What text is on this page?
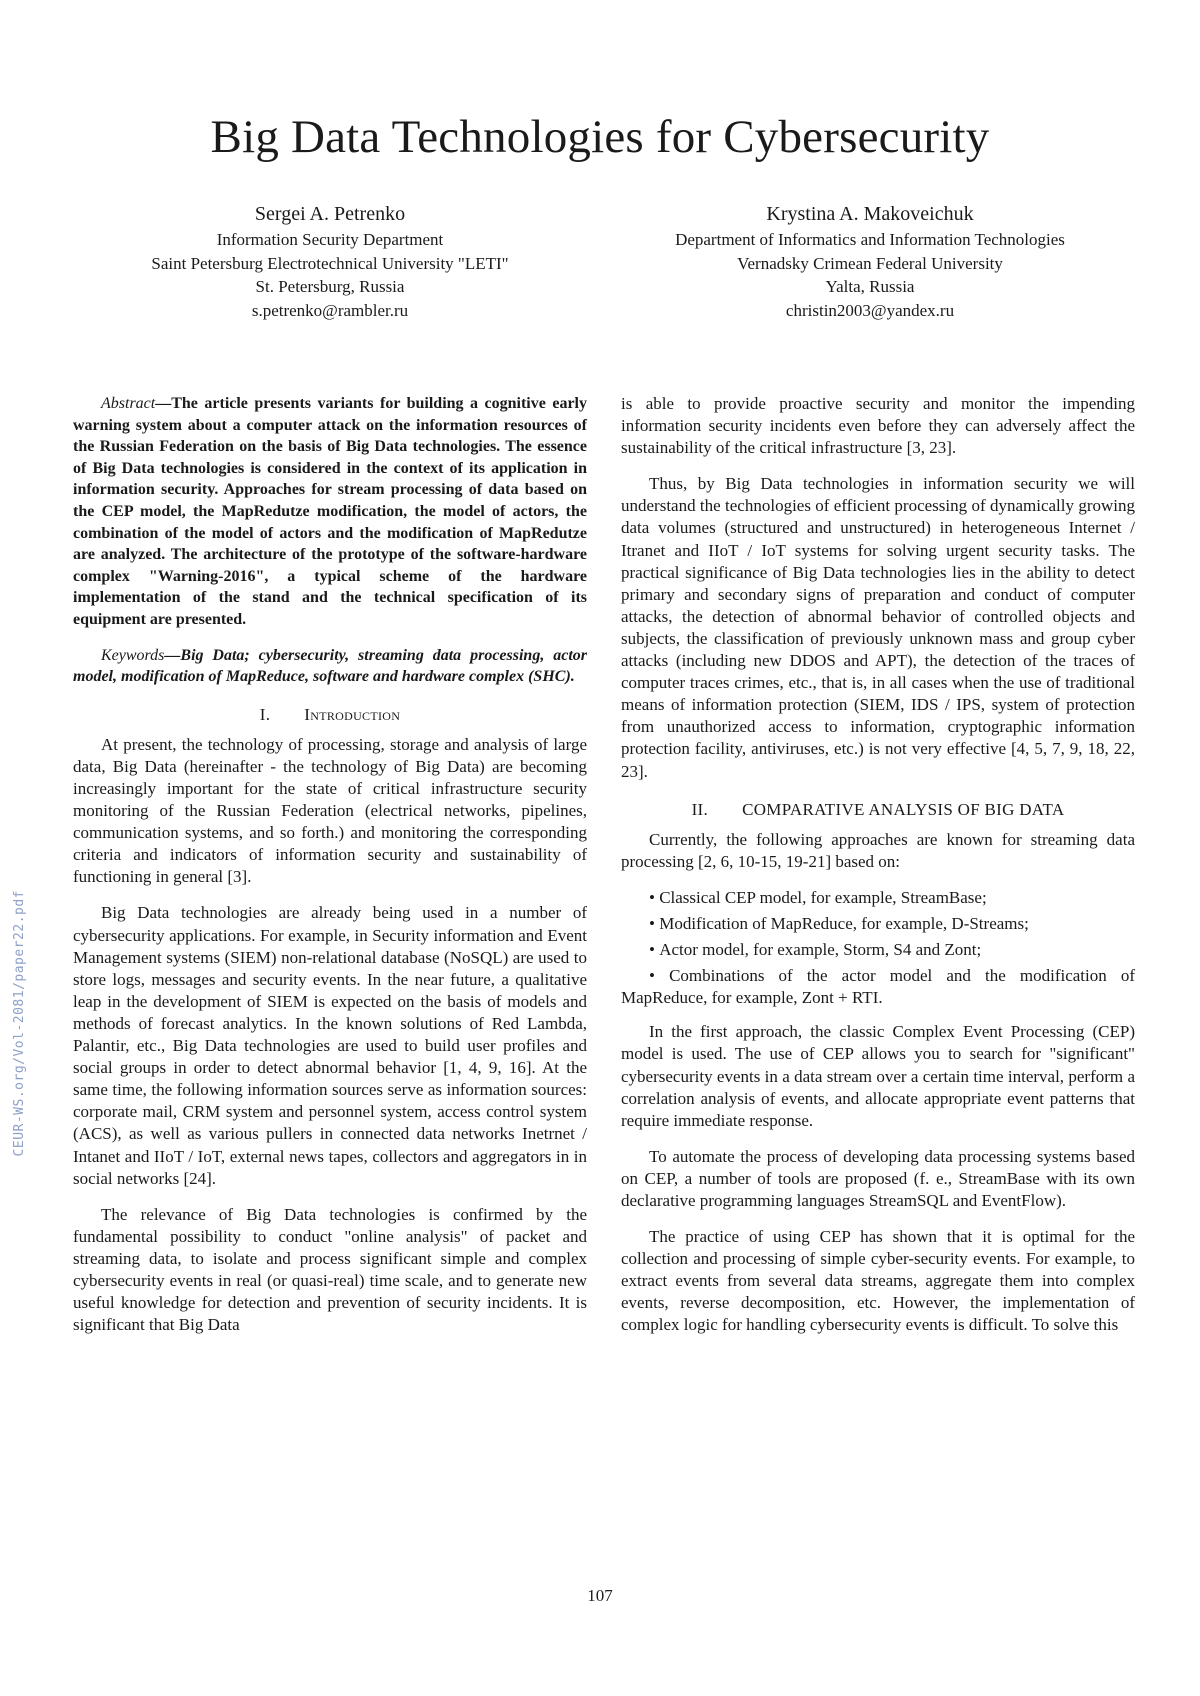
Big Data Technologies for Cybersecurity
Sergei A. Petrenko
Information Security Department
Saint Petersburg Electrotechnical University "LETI"
St. Petersburg, Russia
s.petrenko@rambler.ru
Krystina A. Makoveichuk
Department of Informatics and Information Technologies
Vernadsky Crimean Federal University
Yalta, Russia
christin2003@yandex.ru

Abstract—The article presents variants for building a cognitive early warning system about a computer attack on the information resources of the Russian Federation on the basis of Big Data technologies. The essence of Big Data technologies is considered in the context of its application in information security. Approaches for stream processing of data based on the CEP model, the MapRedutze modification, the model of actors, the combination of the model of actors and the modification of MapRedutze are analyzed. The architecture of the prototype of the software-hardware complex "Warning-2016", a typical scheme of the hardware implementation of the stand and the technical specification of its equipment are presented.

Keywords—Big Data; cybersecurity, streaming data processing, actor model, modification of MapReduce, software and hardware complex (SHC).

I. Introduction

At present, the technology of processing, storage and analysis of large data, Big Data (hereinafter - the technology of Big Data) are becoming increasingly important for the state of critical infrastructure security monitoring of the Russian Federation (electrical networks, pipelines, communication systems, and so forth.) and monitoring the corresponding criteria and indicators of information security and sustainability of functioning in general [3].

Big Data technologies are already being used in a number of cybersecurity applications. For example, in Security information and Event Management systems (SIEM) non-relational database (NoSQL) are used to store logs, messages and security events. In the near future, a qualitative leap in the development of SIEM is expected on the basis of models and methods of forecast analytics. In the known solutions of Red Lambda, Palantir, etc., Big Data technologies are used to build user profiles and social groups in order to detect abnormal behavior [1, 4, 9, 16]. At the same time, the following information sources serve as information sources: corporate mail, CRM system and personnel system, access control system (ACS), as well as various pullers in connected data networks Inetrnet / Intanet and IIoT / IoT, external news tapes, collectors and aggregators in in social networks [24].

The relevance of Big Data technologies is confirmed by the fundamental possibility to conduct "online analysis" of packet and streaming data, to isolate and process significant simple and complex cybersecurity events in real (or quasi-real) time scale, and to generate new useful knowledge for detection and prevention of security incidents. It is significant that Big Data

is able to provide proactive security and monitor the impending information security incidents even before they can adversely affect the sustainability of the critical infrastructure [3, 23].

Thus, by Big Data technologies in information security we will understand the technologies of efficient processing of dynamically growing data volumes (structured and unstructured) in heterogeneous Internet / Itranet and IIoT / IoT systems for solving urgent security tasks. The practical significance of Big Data technologies lies in the ability to detect primary and secondary signs of preparation and conduct of computer attacks, the detection of abnormal behavior of controlled objects and subjects, the classification of previously unknown mass and group cyber attacks (including new DDOS and APT), the detection of the traces of computer traces crimes, etc., that is, in all cases when the use of traditional means of information protection (SIEM, IDS / IPS, system of protection from unauthorized access to information, cryptographic information protection facility, antiviruses, etc.) is not very effective [4, 5, 7, 9, 18, 22, 23].

II. COMPARATIVE ANALYSIS OF BIG DATA

Currently, the following approaches are known for streaming data processing [2, 6, 10-15, 19-21] based on:

• Classical CEP model, for example, StreamBase;
• Modification of MapReduce, for example, D-Streams;
• Actor model, for example, Storm, S4 and Zont;
• Combinations of the actor model and the modification of MapReduce, for example, Zont + RTI.

In the first approach, the classic Complex Event Processing (CEP) model is used. The use of CEP allows you to search for "significant" cybersecurity events in a data stream over a certain time interval, perform a correlation analysis of events, and allocate appropriate event patterns that require immediate response.

To automate the process of developing data processing systems based on CEP, a number of tools are proposed (f. e., StreamBase with its own declarative programming languages StreamSQL and EventFlow).

The practice of using CEP has shown that it is optimal for the collection and processing of simple cyber-security events. For example, to extract events from several data streams, aggregate them into complex events, reverse decomposition, etc. However, the implementation of complex logic for handling cybersecurity events is difficult. To solve this

CEUR-WS.org/Vol-2081/paper22.pdf
107
